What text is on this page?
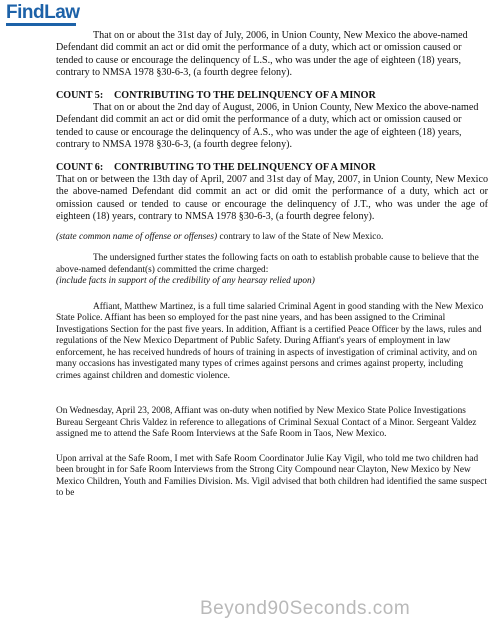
FindLaw

That on or about the 31st day of July, 2006, in Union County, New Mexico the above-named Defendant did commit an act or did omit the performance of a duty, which act or omission caused or tended to cause or encourage the delinquency of L.S., who was under the age of eighteen (18) years, contrary to NMSA 1978 §30-6-3, (a fourth degree felony).

COUNT 5: CONTRIBUTING TO THE DELINQUENCY OF A MINOR

That on or about the 2nd day of August, 2006, in Union County, New Mexico the above-named Defendant did commit an act or did omit the performance of a duty, which act or omission caused or tended to cause or encourage the delinquency of A.S., who was under the age of eighteen (18) years, contrary to NMSA 1978 §30-6-3, (a fourth degree felony).

COUNT 6: CONTRIBUTING TO THE DELINQUENCY OF A MINOR

That on or between the 13th day of April, 2007 and 31st day of May, 2007, in Union County, New Mexico the above-named Defendant did commit an act or did omit the performance of a duty, which act or omission caused or tended to cause or encourage the delinquency of J.T., who was under the age of eighteen (18) years, contrary to NMSA 1978 §30-6-3, (a fourth degree felony).

(state common name of offense or offenses) contrary to law of the State of New Mexico.

The undersigned further states the following facts on oath to establish probable cause to believe that the above-named defendant(s) committed the crime charged:

(include facts in support of the credibility of any hearsay relied upon)

Affiant, Matthew Martinez, is a full time salaried Criminal Agent in good standing with the New Mexico State Police. Affiant has been so employed for the past nine years, and has been assigned to the Criminal Investigations Section for the past five years. In addition, Affiant is a certified Peace Officer by the laws, rules and regulations of the New Mexico Department of Public Safety. During Affiant's years of employment in law enforcement, he has received hundreds of hours of training in aspects of investigation of criminal activity, and on many occasions has investigated many types of crimes against persons and crimes against property, including crimes against children and domestic violence.

On Wednesday, April 23, 2008, Affiant was on-duty when notified by New Mexico State Police Investigations Bureau Sergeant Chris Valdez in reference to allegations of Criminal Sexual Contact of a Minor. Sergeant Valdez assigned me to attend the Safe Room Interviews at the Safe Room in Taos, New Mexico.

Upon arrival at the Safe Room, I met with Safe Room Coordinator Julie Kay Vigil, who told me two children had been brought in for Safe Room Interviews from the Strong City Compound near Clayton, New Mexico by New Mexico Children, Youth and Families Division. Ms. Vigil advised that both children had identified the same suspect to be

Beyond90Seconds.com
